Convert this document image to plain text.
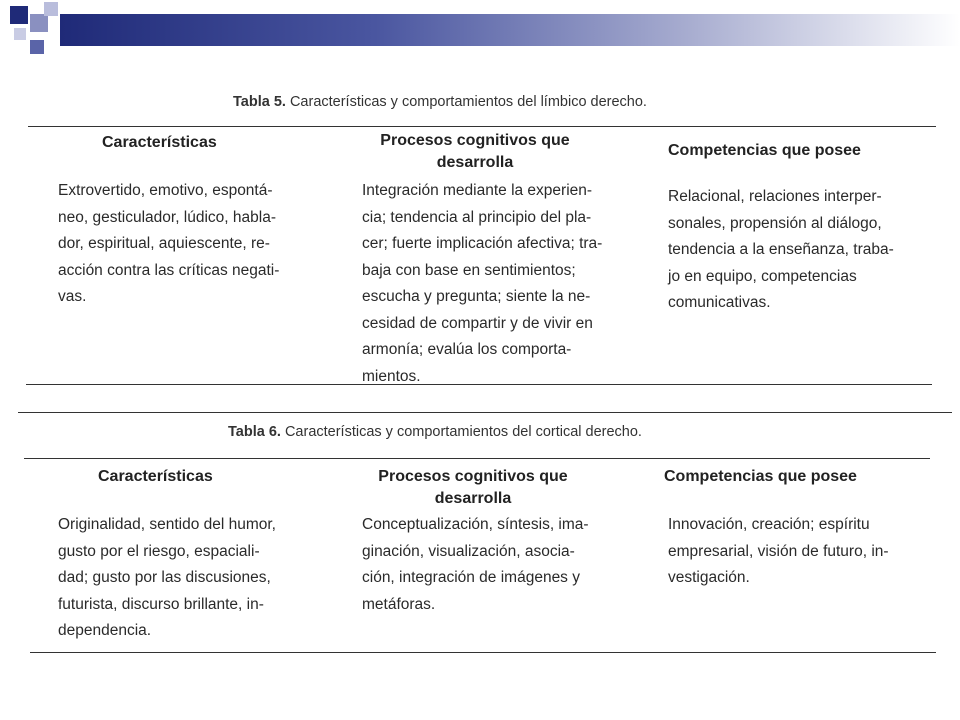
Tabla 5. Características y comportamientos del límbico derecho.
Características	Procesos cognitivos que
desarrolla
Competencias que posee
Extrovertido, emotivo, espontá-
neo, gesticulador, lúdico, habla-
dor, espiritual, aquiescente, re-
acción contra las críticas negati-
vas.
Integración mediante la experien-
cia; tendencia al principio del pla-
cer; fuerte implicación afectiva; tra-
baja con base en sentimientos;
escucha y pregunta; siente la ne-
cesidad de compartir y de vivir en
armonía; evalúa los comporta-
mientos.
Relacional, relaciones interper-
sonales, propensión al diálogo,
tendencia a la enseñanza, traba-
jo en equipo, competencias
comunicativas.
Tabla 6. Características y comportamientos del cortical derecho.
Características	Procesos cognitivos que
desarrolla
Competencias que posee
Originalidad, sentido del humor,
gusto por el riesgo, espaciali-
dad; gusto por las discusiones,
futurista, discurso brillante, in-
dependencia.
Conceptualización, síntesis, ima-
ginación, visualización, asocia-
ción, integración de imágenes y
metáforas.
Innovación, creación; espíritu
empresarial, visión de futuro, in-
vestigación.
